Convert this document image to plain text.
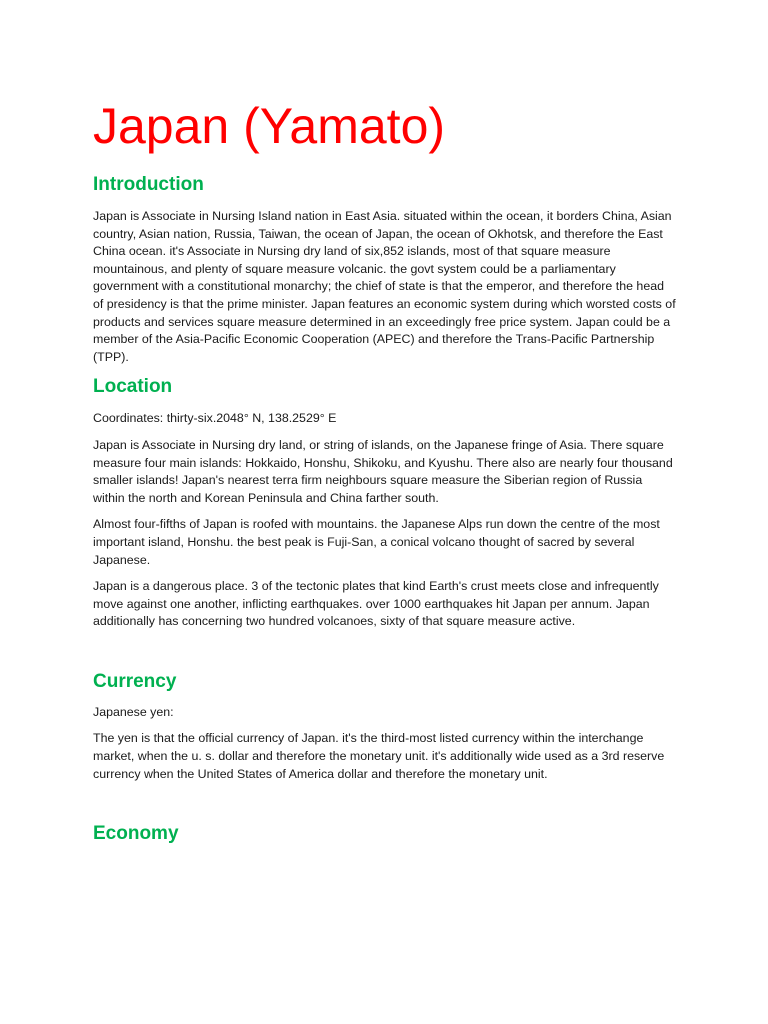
Japan (Yamato)
Introduction

Japan is Associate in Nursing Island nation in East Asia. situated within the ocean, it borders China, Asian country, Asian nation, Russia, Taiwan, the ocean of Japan, the ocean of Okhotsk, and therefore the East China ocean. it's Associate in Nursing dry land of six,852 islands, most of that square measure mountainous, and plenty of square measure volcanic. the govt system could be a parliamentary government with a constitutional monarchy; the chief of state is that the emperor, and therefore the head of presidency is that the prime minister. Japan features an economic system during which worsted costs of products and services square measure determined in an exceedingly free price system. Japan could be a member of the Asia-Pacific Economic Cooperation (APEC) and therefore the Trans-Pacific Partnership (TPP).

Location

Coordinates: thirty-six.2048° N, 138.2529° E

Japan is Associate in Nursing dry land, or string of islands, on the Japanese fringe of Asia. There square measure four main islands: Hokkaido, Honshu, Shikoku, and Kyushu. There also are nearly four thousand smaller islands! Japan's nearest terra firm neighbours square measure the Siberian region of Russia within the north and Korean Peninsula and China farther south.

Almost four-fifths of Japan is roofed with mountains. the Japanese Alps run down the centre of the most important island, Honshu. the best peak is Fuji-San, a conical volcano thought of sacred by several Japanese.

Japan is a dangerous place. 3 of the tectonic plates that kind Earth's crust meets close and infrequently move against one another, inflicting earthquakes. over 1000 earthquakes hit Japan per annum. Japan additionally has concerning two hundred volcanoes, sixty of that square measure active.

Currency

Japanese yen:

The yen is that the official currency of Japan. it's the third-most listed currency within the interchange market, when the u. s. dollar and therefore the monetary unit. it's additionally wide used as a 3rd reserve currency when the United States of America dollar and therefore the monetary unit.

Economy
